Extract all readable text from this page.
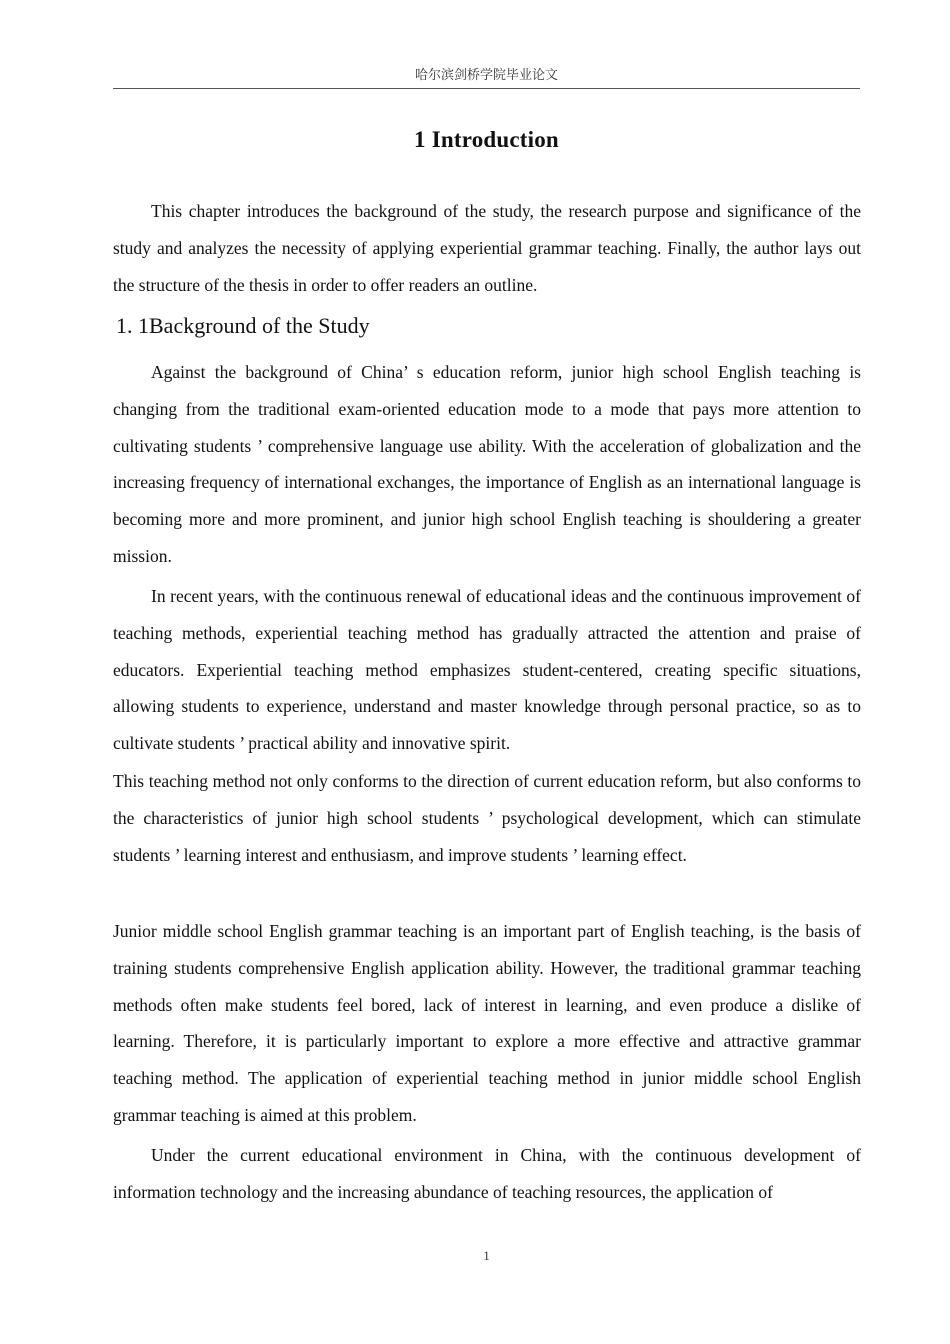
哈尔滨剑桥学院毕业论文
1 Introduction

This chapter introduces the background of the study, the research purpose and significance of the study and analyzes the necessity of applying experiential grammar teaching. Finally, the author lays out the structure of the thesis in order to offer readers an outline.

1. 1Background of the Study

Against the background of China’ s education reform, junior high school English teaching is changing from the traditional exam-oriented education mode to a mode that pays more attention to cultivating students ’ comprehensive language use ability. With the acceleration of globalization and the increasing frequency of international exchanges, the importance of English as an international language is becoming more and more prominent, and junior high school English teaching is shouldering a greater mission.

In recent years, with the continuous renewal of educational ideas and the continuous improvement of teaching methods, experiential teaching method has gradually attracted the attention and praise of educators. Experiential teaching method emphasizes student-centered, creating specific situations, allowing students to experience, understand and master knowledge through personal practice, so as to cultivate students ’ practical ability and innovative spirit.

This teaching method not only conforms to the direction of current education reform, but also conforms to the characteristics of junior high school students ’ psychological development, which can stimulate students ’ learning interest and enthusiasm, and improve students ’ learning effect.

Junior middle school English grammar teaching is an important part of English teaching, is the basis of training students comprehensive English application ability. However, the traditional grammar teaching methods often make students feel bored, lack of interest in learning, and even produce a dislike of learning. Therefore, it is particularly important to explore a more effective and attractive grammar teaching method. The application of experiential teaching method in junior middle school English grammar teaching is aimed at this problem.

Under the current educational environment in China, with the continuous development of information technology and the increasing abundance of teaching resources, the application of

1
